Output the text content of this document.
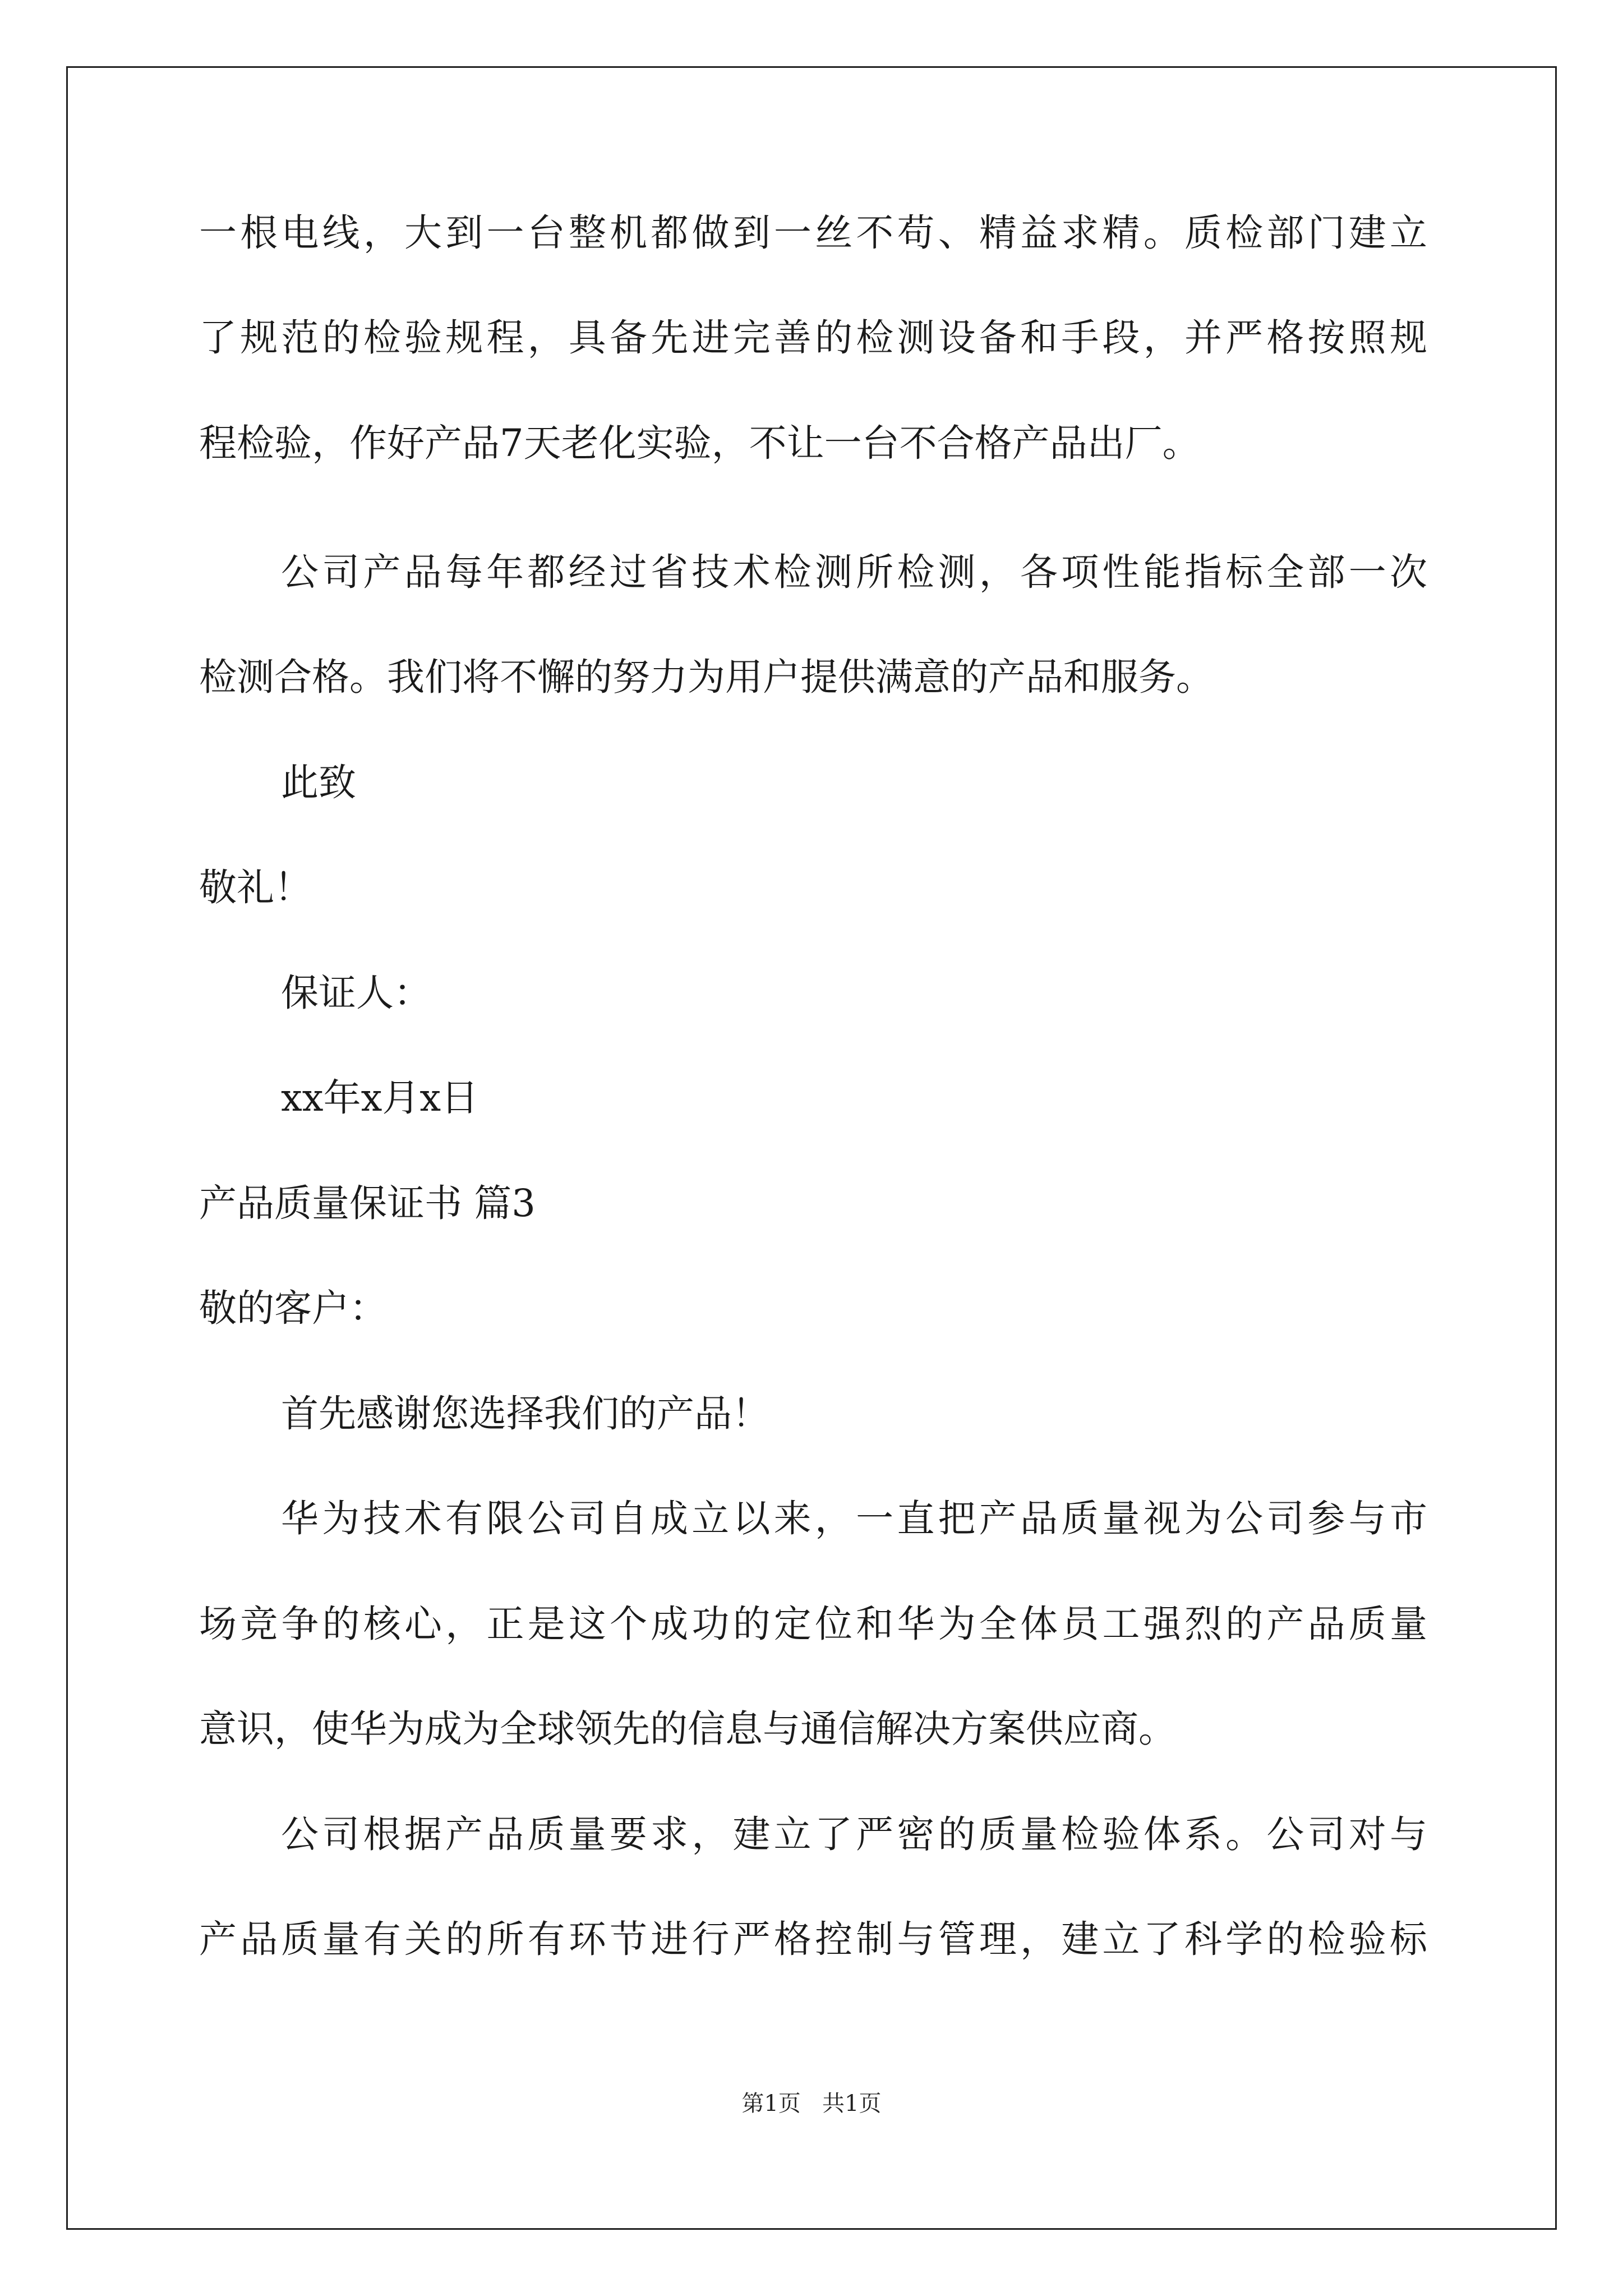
一根电线，大到一台整机都做到一丝不苟、精益求精。质检部门建立
了规范的检验规程，具备先进完善的检测设备和手段，并严格按照规
程检验，作好产品7天老化实验，不让一台不合格产品出厂。
公司产品每年都经过省技术检测所检测，各项性能指标全部一次
检测合格。我们将不懈的努力为用户提供满意的产品和服务。
此致
敬礼！
保证人：
xx年x月x日
产品质量保证书 篇3
敬的客户：
首先感谢您选择我们的产品！
华为技术有限公司自成立以来，一直把产品质量视为公司参与市
场竞争的核心，正是这个成功的定位和华为全体员工强烈的产品质量
意识，使华为成为全球领先的信息与通信解决方案供应商。
公司根据产品质量要求，建立了严密的质量检验体系。公司对与
产品质量有关的所有环节进行严格控制与管理，建立了科学的检验标
第1页   共1页
